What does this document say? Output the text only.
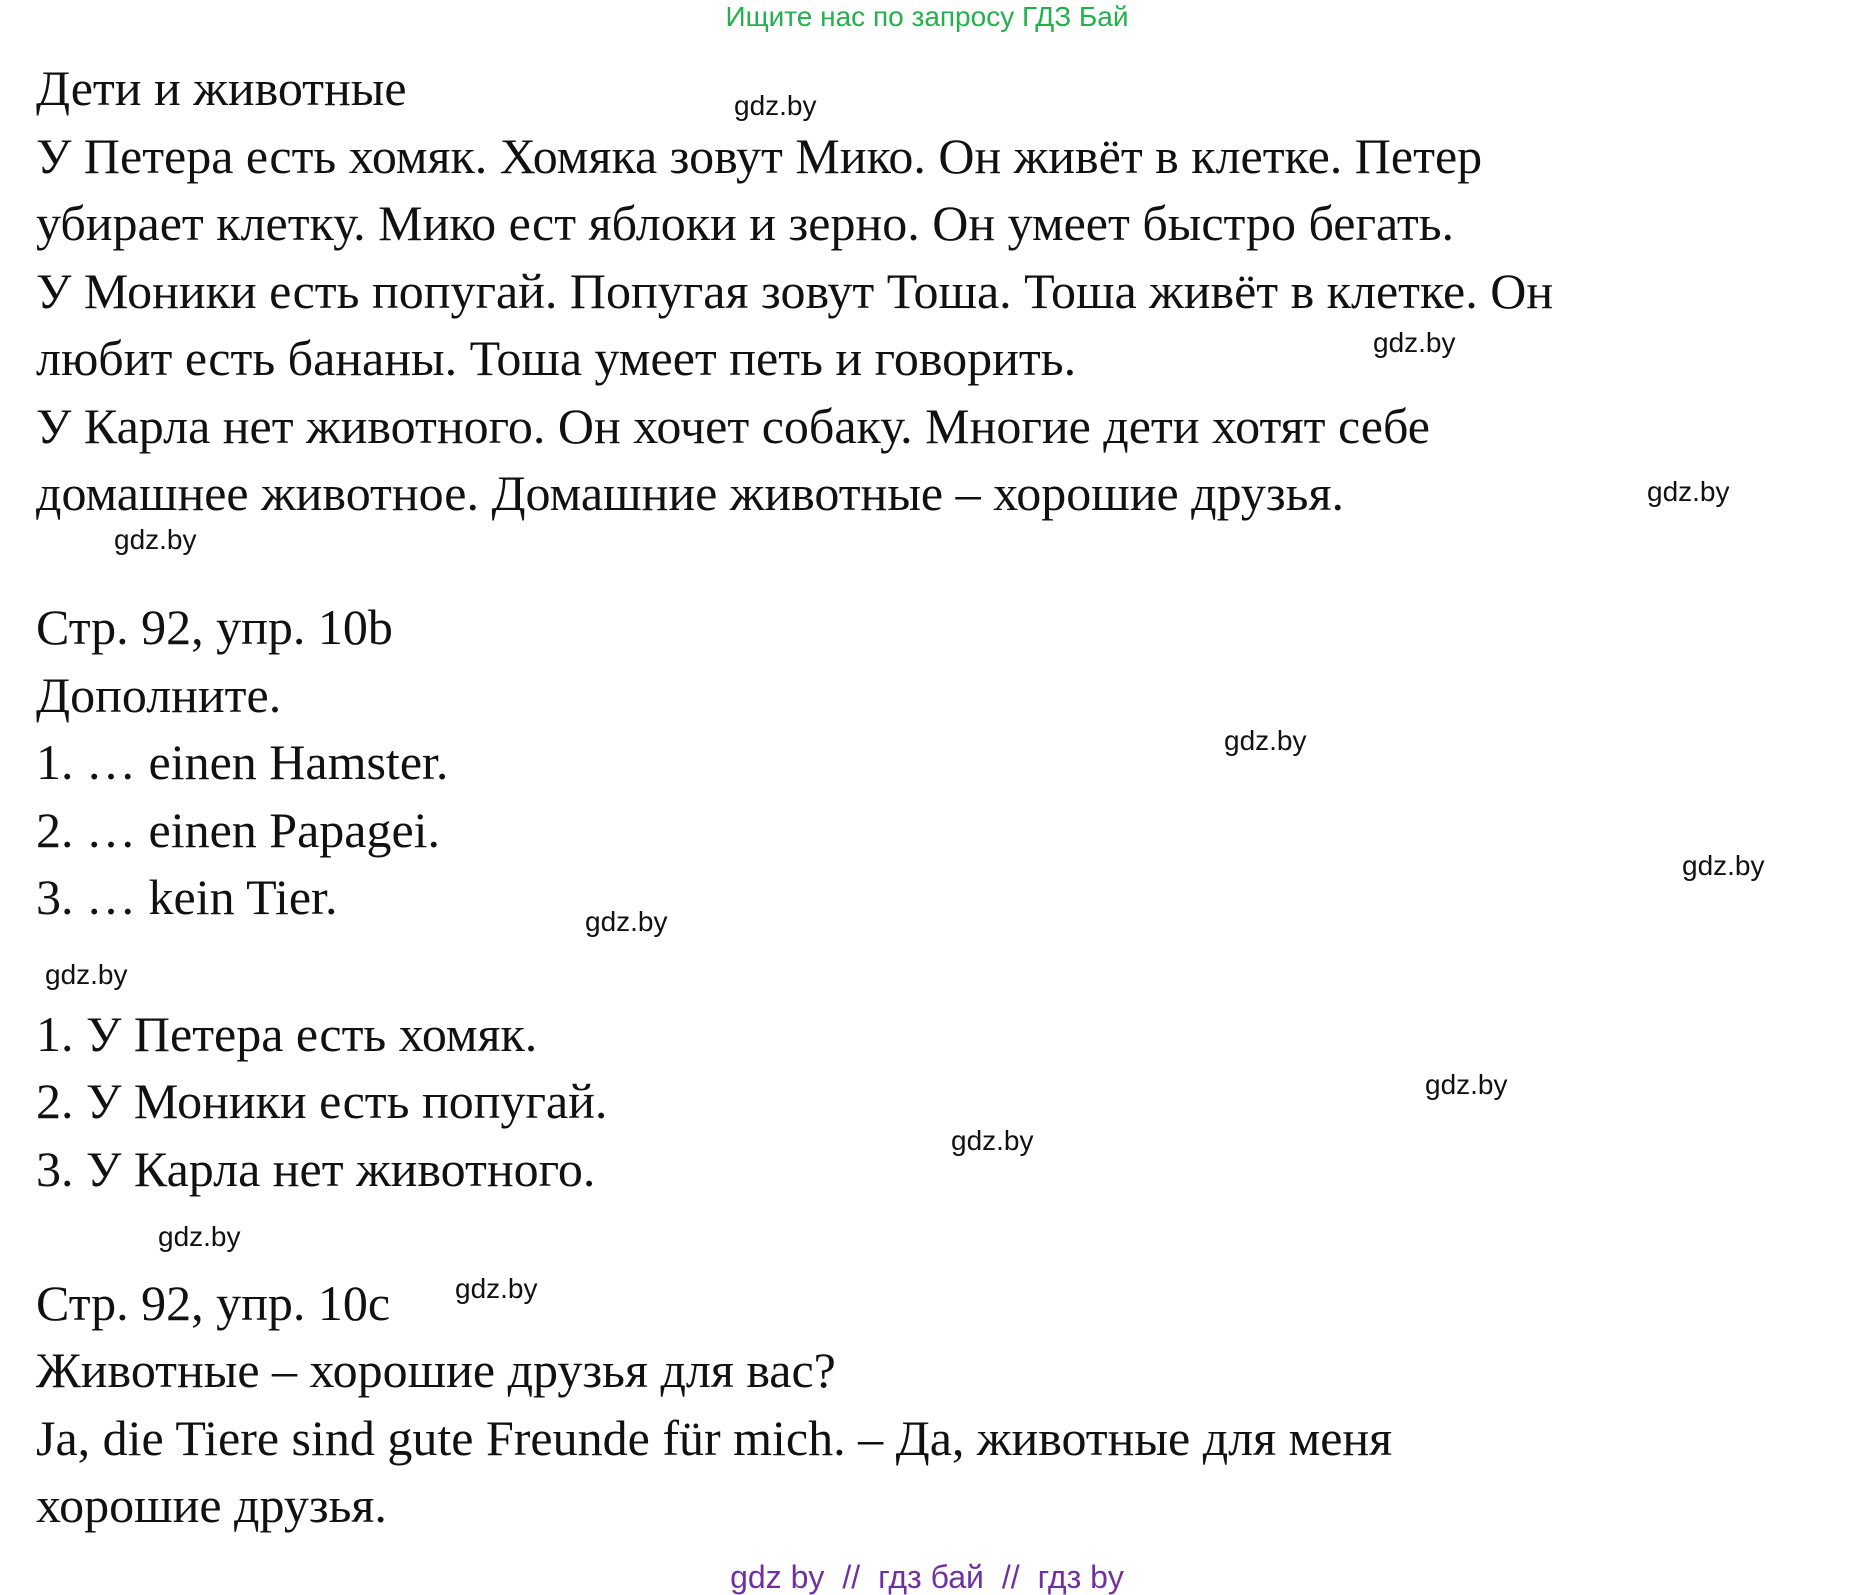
Ищите нас по запросу ГДЗ Бай
Дети и животные
У Петера есть хомяк. Хомяка зовут Мико. Он живёт в клетке. Петер
убирает клетку. Мико ест яблоки и зерно. Он умеет быстро бегать.
У Моники есть попугай. Попугая зовут Тоша. Тоша живёт в клетке. Он
любит есть бананы. Тоша умеет петь и говорить.
У Карла нет животного. Он хочет собаку. Многие дети хотят себе
домашнее животное. Домашние животные – хорошие друзья.
Стр. 92, упр. 10b
Дополните.
1. … einen Hamster.
2. … einen Papagei.
3. … kein Tier.
1. У Петера есть хомяк.
2. У Моники есть попугай.
3. У Карла нет животного.
Стр. 92, упр. 10c
Животные – хорошие друзья для вас?
Ja, die Tiere sind gute Freunde für mich. – Да, животные для меня
хорошие друзья.
gdz.by
gdz.by
gdz.by
gdz.by
gdz.by
gdz.by
gdz.by
gdz.by
gdz.by
gdz.by
gdz.by
gdz.by
gdz by // гдз бай // гдз by
